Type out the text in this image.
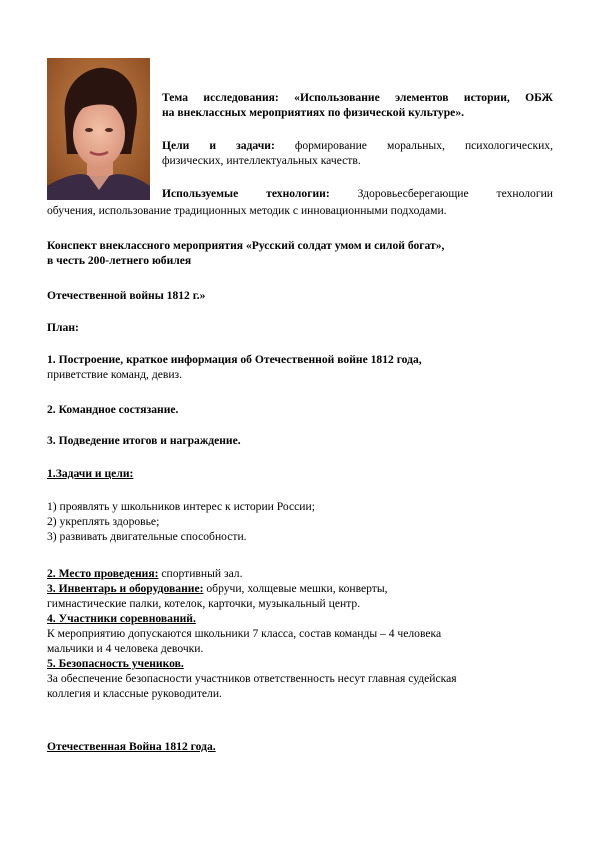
Тема исследования: «Использование элементов истории, ОБЖ
на внеклассных мероприятиях по физической культуре».

Цели и задачи: формирование моральных, психологических,
физических, интеллектуальных качеств.

Используемые технологии: Здоровьесберегающие технологии

обучения, использование традиционных методик с инновационными подходами.

Конспект внеклассного мероприятия «Русский солдат умом и силой богат»,
в честь 200-летнего юбилея

Отечественной войны 1812 г.»

План:

1. Построение, краткое информация об Отечественной войне 1812 года,
приветствие команд, девиз.

2. Командное состязание.

3. Подведение итогов и награждение.

1.Задачи и цели:

1) проявлять у школьников интерес к истории России;
2) укреплять здоровье;
3) развивать двигательные способности.

2. Место проведения: спортивный зал.
3. Инвентарь и оборудование: обручи, холщевые мешки, конверты,
гимнастические палки, котелок, карточки, музыкальный центр.
4. Участники соревнований.
К мероприятию допускаются школьники 7 класса, состав команды – 4 человека
мальчики и 4 человека девочки.
5. Безопасность учеников.
За обеспечение безопасности участников ответственность несут главная судейская
коллегия и классные руководители.

Отечественная Война 1812 года.
